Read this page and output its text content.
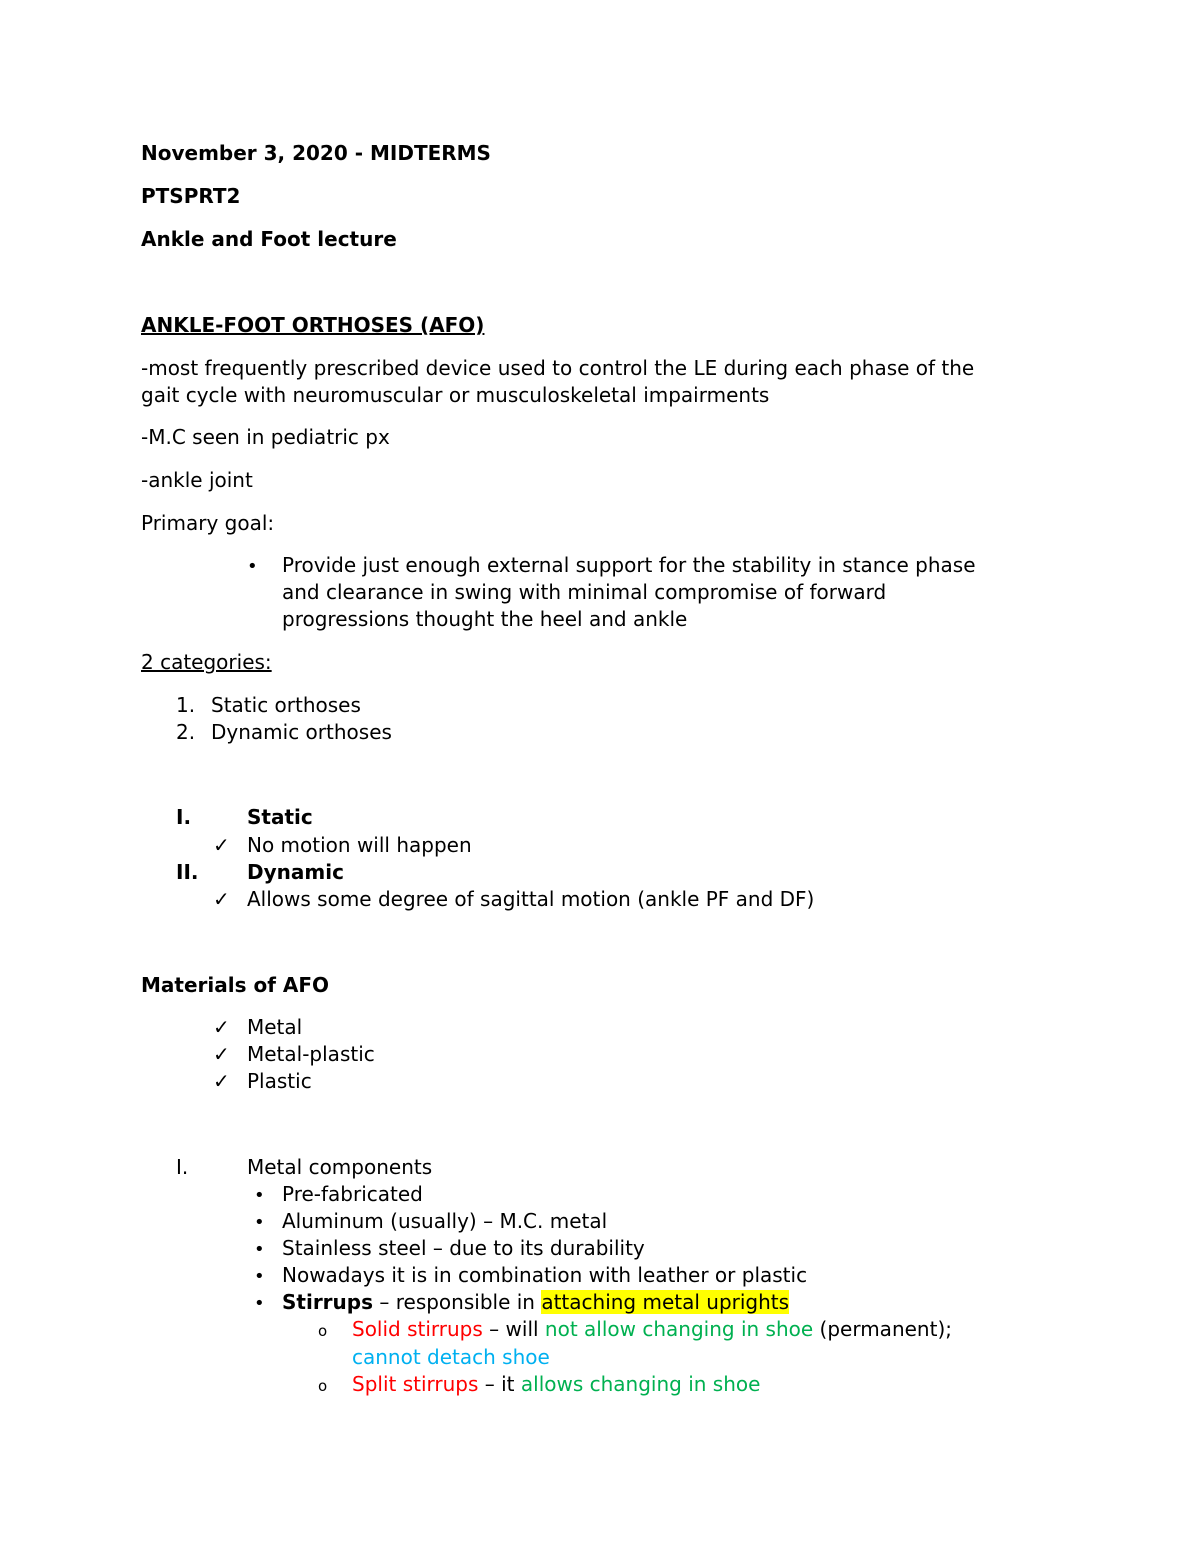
November 3, 2020 - MIDTERMS
PTSPRT2
Ankle and Foot lecture
ANKLE-FOOT ORTHOSES (AFO)
-most frequently prescribed device used to control the LE during each phase of the
gait cycle with neuromuscular or musculoskeletal impairments
-M.C seen in pediatric px
-ankle joint
Primary goal:
• Provide just enough external support for the stability in stance phase
and clearance in swing with minimal compromise of forward
progressions thought the heel and ankle
2 categories:
1. Static orthoses
2. Dynamic orthoses
I.	Static
✓ No motion will happen
II. Dynamic
✓ Allows some degree of sagittal motion (ankle PF and DF)
Materials of AFO
✓ Metal
✓ Metal-plastic
✓ Plastic
I.	Metal components
• Pre-fabricated
• Aluminum (usually) – M.C. metal
• Stainless steel – due to its durability
• Nowadays it is in combination with leather or plastic
• Stirrups – responsible in attaching metal uprights
o Solid stirrups – will not allow changing in shoe (permanent);
cannot detach shoe
o Split stirrups – it allows changing in shoe
